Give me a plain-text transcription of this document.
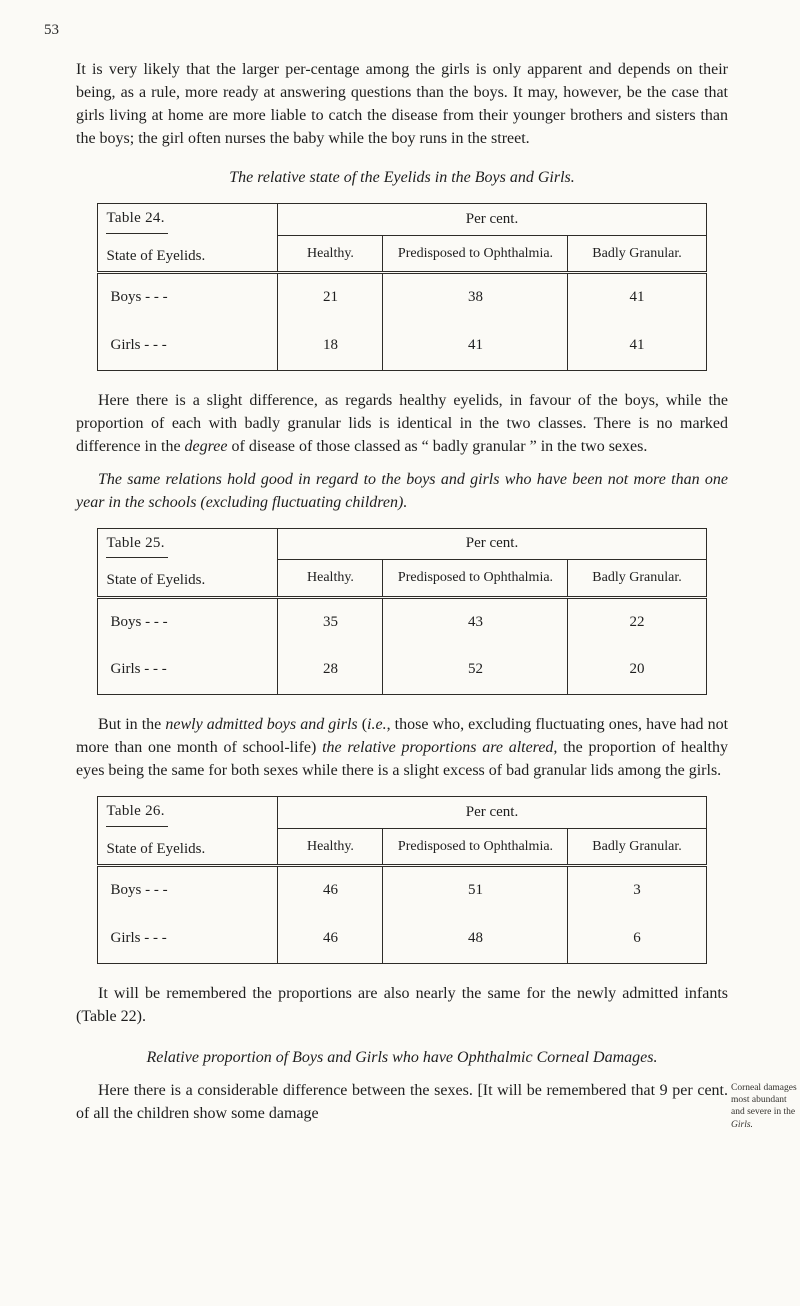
53

It is very likely that the larger per-centage among the girls is only apparent and depends on their being, as a rule, more ready at answering questions than the boys. It may, however, be the case that girls living at home are more liable to catch the disease from their younger brothers and sisters than the boys; the girl often nurses the baby while the boy runs in the street.

The relative state of the Eyelids in the Boys and Girls.

Table 24.
State of Eyelids.	Per cent.		
	Healthy.	Predisposed to Ophthalmia.	Badly Granular.
Boys - - -	21	38	41
Girls - - -	18	41	41

Here there is a slight difference, as regards healthy eyelids, in favour of the boys, while the proportion of each with badly granular lids is identical in the two classes. There is no marked difference in the degree of disease of those classed as “ badly granular ” in the two sexes.

The same relations hold good in regard to the boys and girls who have been not more than one year in the schools (excluding fluctuating children).

Table 25.
State of Eyelids.	Per cent.		
	Healthy.	Predisposed to Ophthalmia.	Badly Granular.
Boys - - -	35	43	22
Girls - - -	28	52	20

But in the newly admitted boys and girls (i.e., those who, excluding fluctuating ones, have had not more than one month of school-life) the relative proportions are altered, the proportion of healthy eyes being the same for both sexes while there is a slight excess of bad granular lids among the girls.

Table 26.
State of Eyelids.	Per cent.		
	Healthy.	Predisposed to Ophthalmia.	Badly Granular.
Boys - - -	46	51	3
Girls - - -	46	48	6

It will be remembered the proportions are also nearly the same for the newly admitted infants (Table 22).

Relative proportion of Boys and Girls who have Ophthalmic Corneal Damages.

Here there is a considerable difference between the sexes. [It will be remembered that 9 per cent. of all the children show some damage

Corneal damages most abundant and severe in the Girls.
